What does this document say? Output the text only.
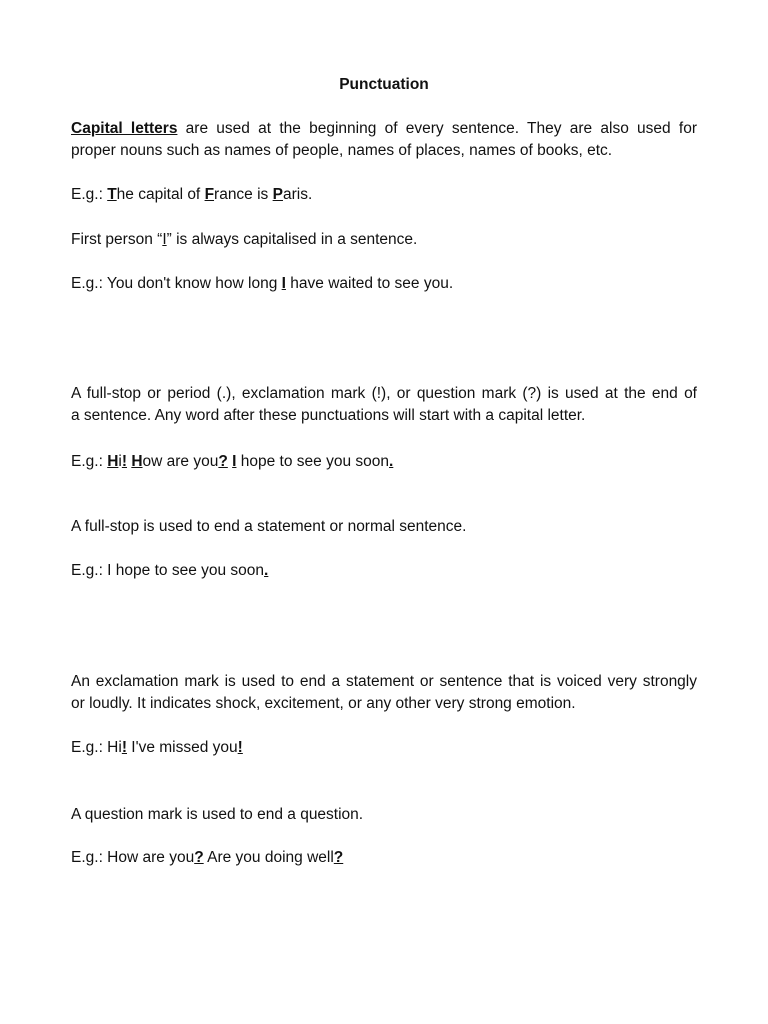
Punctuation
Capital letters are used at the beginning of every sentence. They are also used for
proper nouns such as names of people, names of places, names of books, etc.
E.g.: The capital of France is Paris.
First person “I” is always capitalised in a sentence.
E.g.: You don't know how long I have waited to see you.
A full-stop or period (.), exclamation mark (!), or question mark (?) is used at the end of
a sentence. Any word after these punctuations will start with a capital letter.
E.g.: Hi! How are you? I hope to see you soon.
A full-stop is used to end a statement or normal sentence.
E.g.: I hope to see you soon.
An exclamation mark is used to end a statement or sentence that is voiced very strongly
or loudly. It indicates shock, excitement, or any other very strong emotion.
E.g.: Hi! I've missed you!
A question mark is used to end a question.
E.g.: How are you? Are you doing well?
